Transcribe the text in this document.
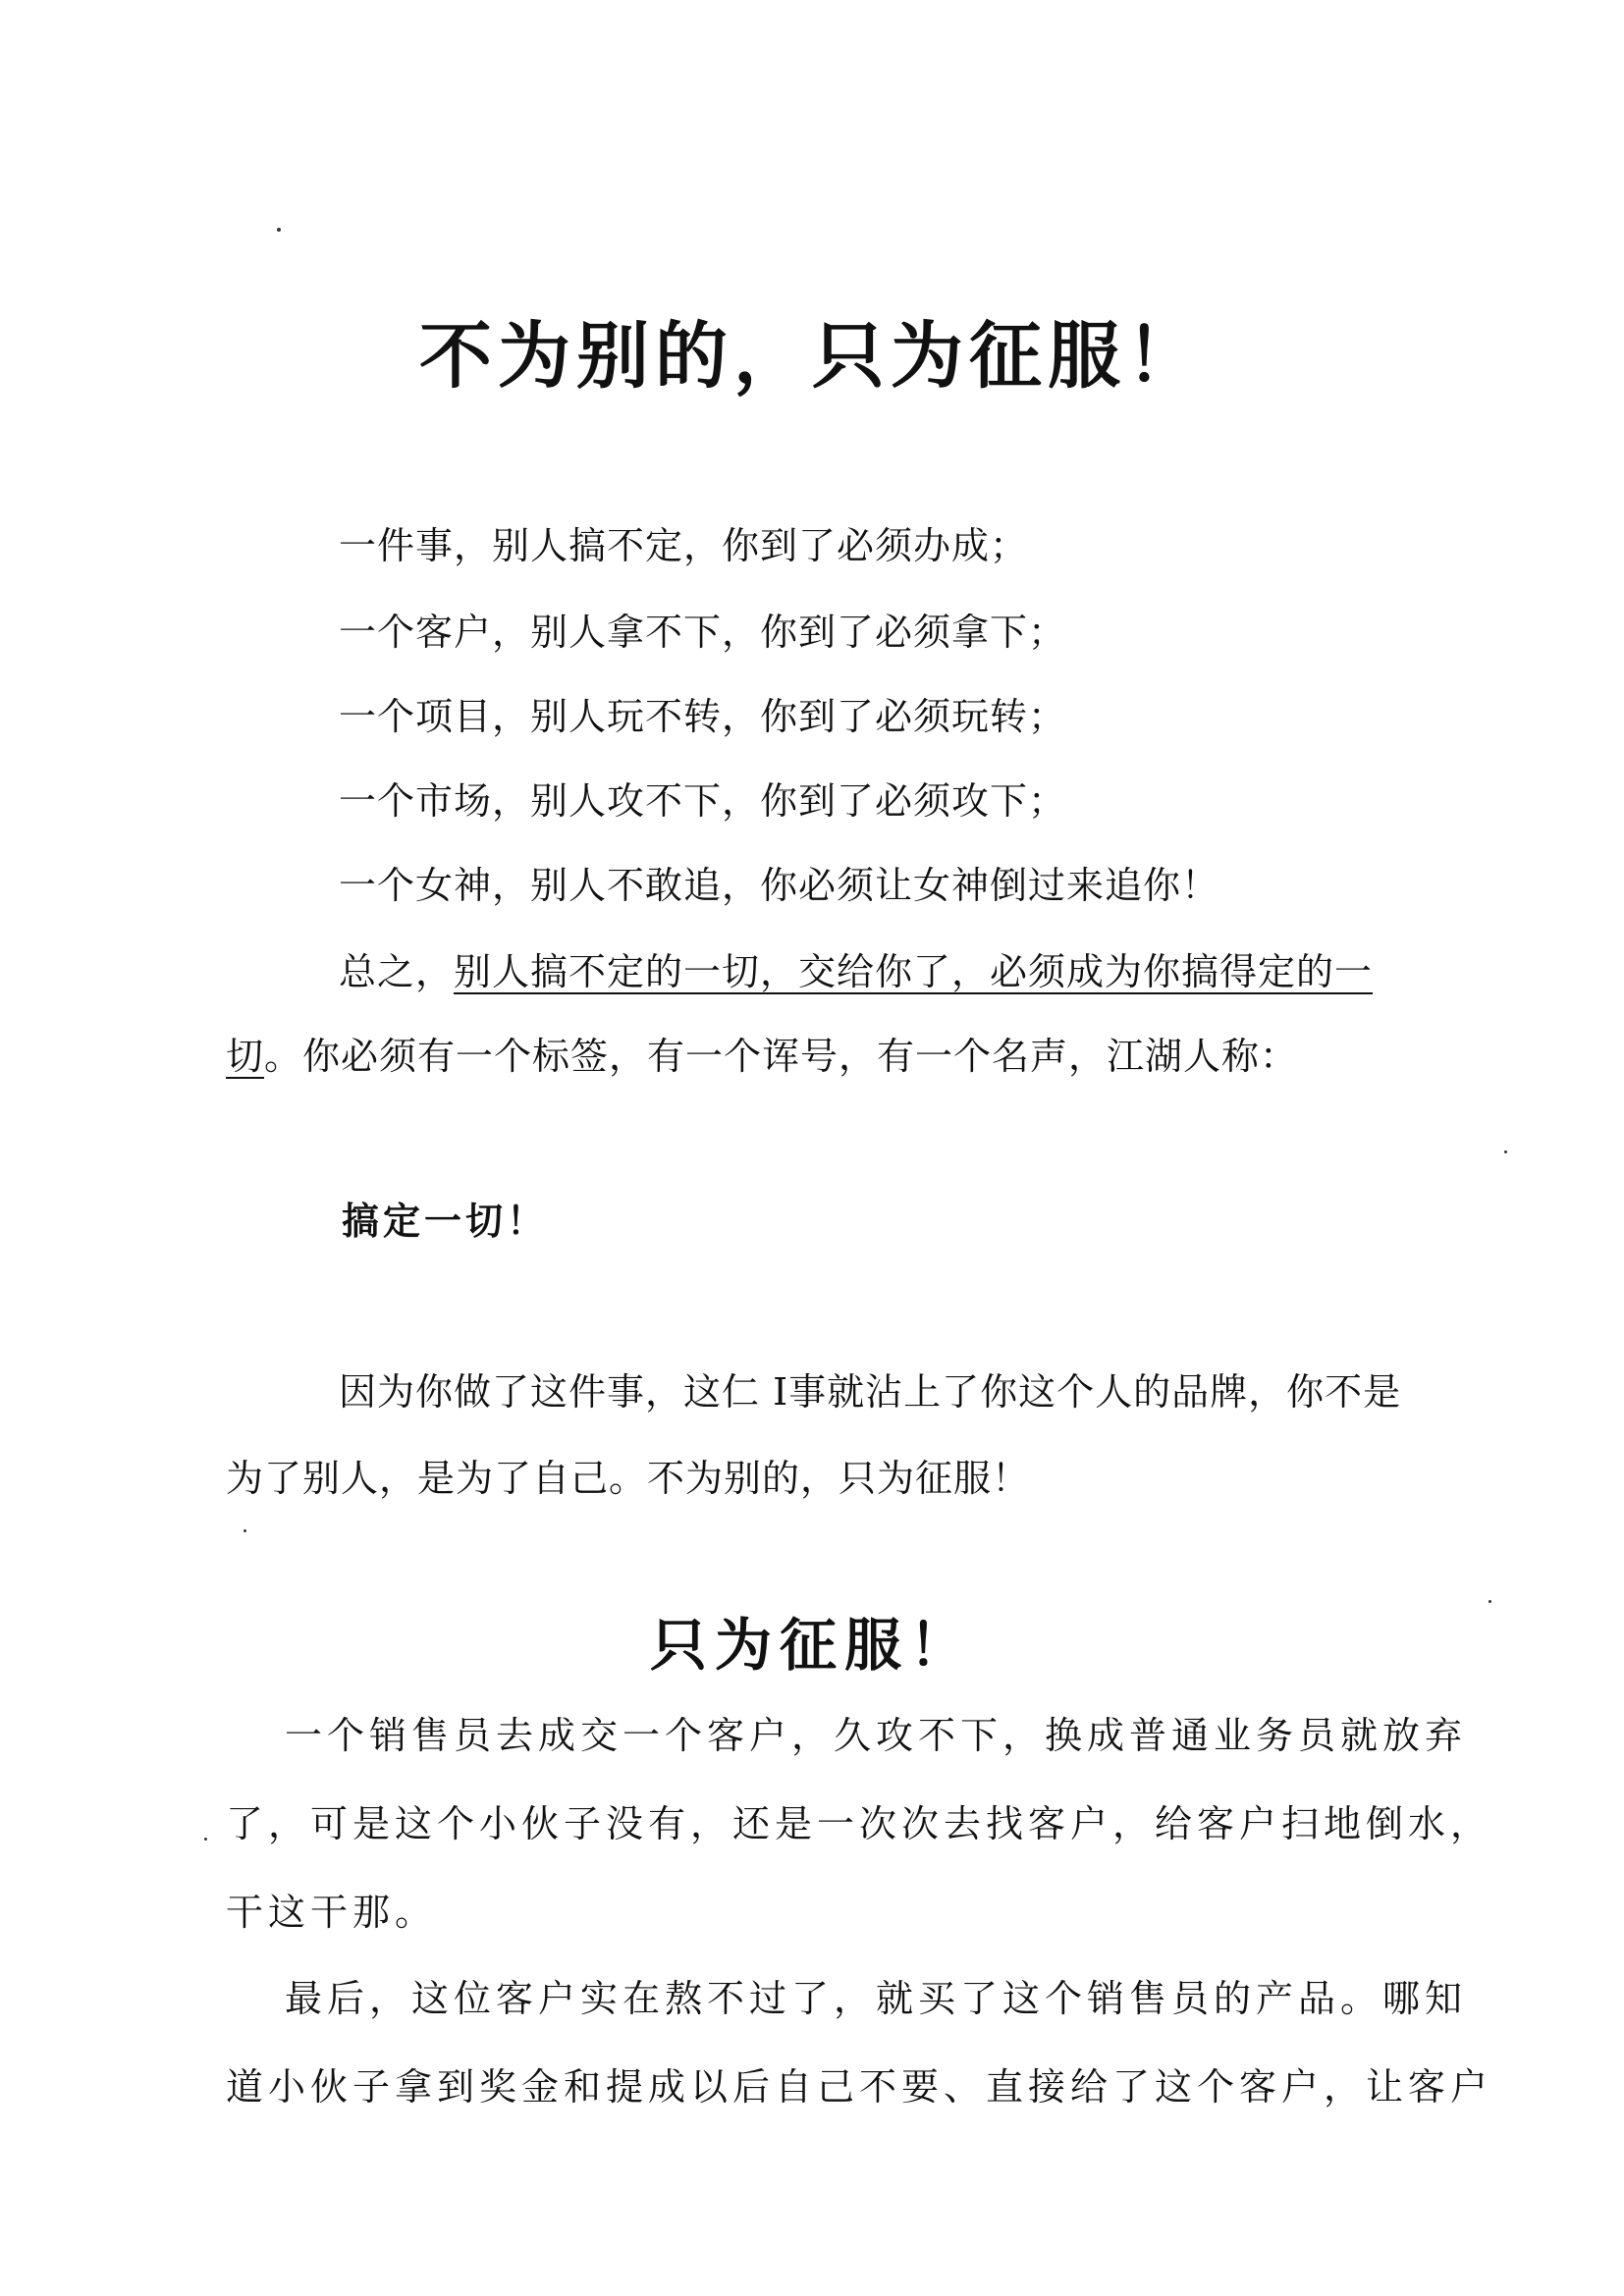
不为别的，只为征服！
一件事，别人搞不定，你到了必须办成；
一个客户，别人拿不下，你到了必须拿下；
一个项目，别人玩不转，你到了必须玩转；
一个市场，别人攻不下，你到了必须攻下；
一个女神，别人不敢追，你必须让女神倒过来追你！
总之，别人搞不定的一切，交给你了，必须成为你搞得定的一
切。你必须有一个标签，有一个诨号，有一个名声，江湖人称：
搞定一切！
因为你做了这件事，这仁 I事就沾上了你这个人的品牌，你不是
为了别人，是为了自己。不为别的，只为征服！
只为征服！
一个销售员去成交一个客户，久攻不下，换成普通业务员就放弃
了，可是这个小伙子没有，还是一次次去找客户，给客户扫地倒水，
干这干那。
最后，这位客户实在熬不过了，就买了这个销售员的产品。哪知
道小伙子拿到奖金和提成以后自己不要、直接给了这个客户，让客户
